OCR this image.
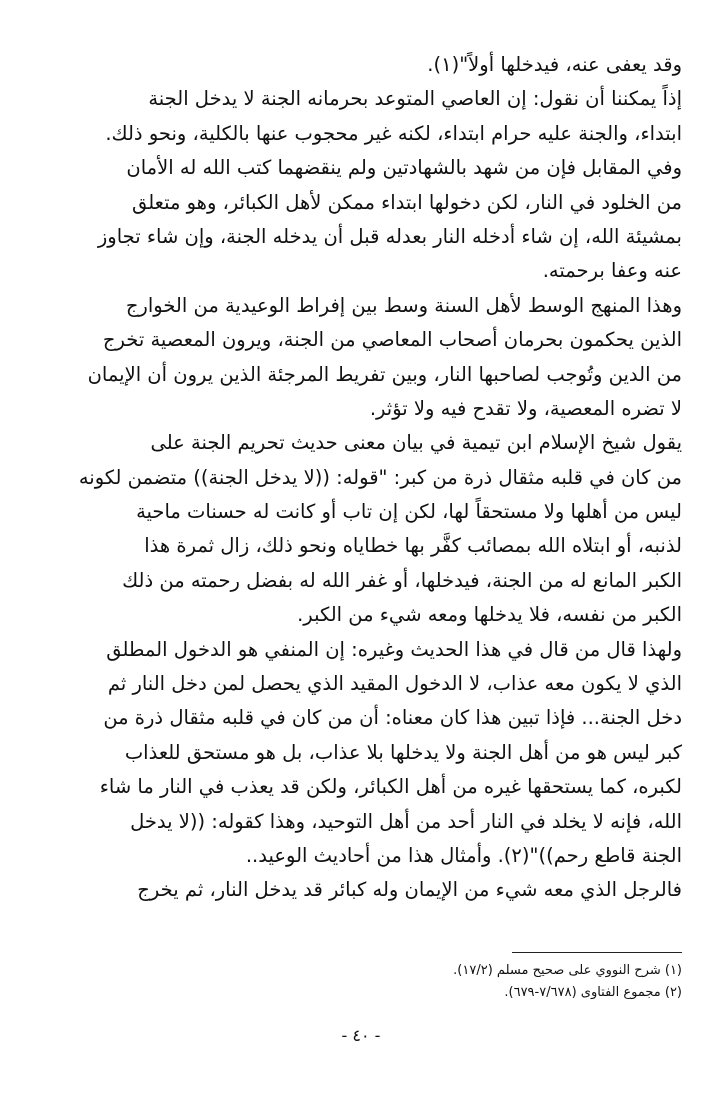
وقد يعفى عنه، فيدخلها أولاً"(١).
إذاً يمكننا أن نقول: إن العاصي المتوعد بحرمانه الجنة لا يدخل الجنة
ابتداء، والجنة عليه حرام ابتداء، لكنه غير محجوب عنها بالكلية، ونحو ذلك.
وفي المقابل فإن من شهد بالشهادتين ولم ينقضهما كتب الله له الأمان
من الخلود في النار، لكن دخولها ابتداء ممكن لأهل الكبائر، وهو متعلق
بمشيئة الله، إن شاء أدخله النار بعدله قبل أن يدخله الجنة، وإن شاء تجاوز
عنه وعفا برحمته.
وهذا المنهج الوسط لأهل السنة وسط بين إفراط الوعيدية من الخوارج
الذين يحكمون بحرمان أصحاب المعاصي من الجنة، ويرون المعصية تخرج
من الدين وتُوجب لصاحبها النار، وبين تفريط المرجئة الذين يرون أن الإيمان
لا تضره المعصية، ولا تقدح فيه ولا تؤثر.
يقول شيخ الإسلام ابن تيمية في بيان معنى حديث تحريم الجنة على
من كان في قلبه مثقال ذرة من كبر: "قوله: ((لا يدخل الجنة)) متضمن لكونه
ليس من أهلها ولا مستحقاً لها، لكن إن تاب أو كانت له حسنات ماحية
لذنبه، أو ابتلاه الله بمصائب كفَّر بها خطاياه ونحو ذلك، زال ثمرة هذا
الكبر المانع له من الجنة، فيدخلها، أو غفر الله له بفضل رحمته من ذلك
الكبر من نفسه، فلا يدخلها ومعه شيء من الكبر.
ولهذا قال من قال في هذا الحديث وغيره: إن المنفي هو الدخول المطلق
الذي لا يكون معه عذاب، لا الدخول المقيد الذي يحصل لمن دخل النار ثم
دخل الجنة... فإذا تبين هذا كان معناه: أن من كان في قلبه مثقال ذرة من
كبر ليس هو من أهل الجنة ولا يدخلها بلا عذاب، بل هو مستحق للعذاب
لكبره، كما يستحقها غيره من أهل الكبائر، ولكن قد يعذب في النار ما شاء
الله، فإنه لا يخلد في النار أحد من أهل التوحيد، وهذا كقوله: ((لا يدخل
الجنة قاطع رحم))"(٢). وأمثال هذا من أحاديث الوعيد..
فالرجل الذي معه شيء من الإيمان وله كبائر قد يدخل النار، ثم يخرج
(١) شرح النووي على صحيح مسلم (١٧/٢).
(٢) مجموع الفتاوى (٧/٦٧٨-٦٧٩).
- ٤٠ -
